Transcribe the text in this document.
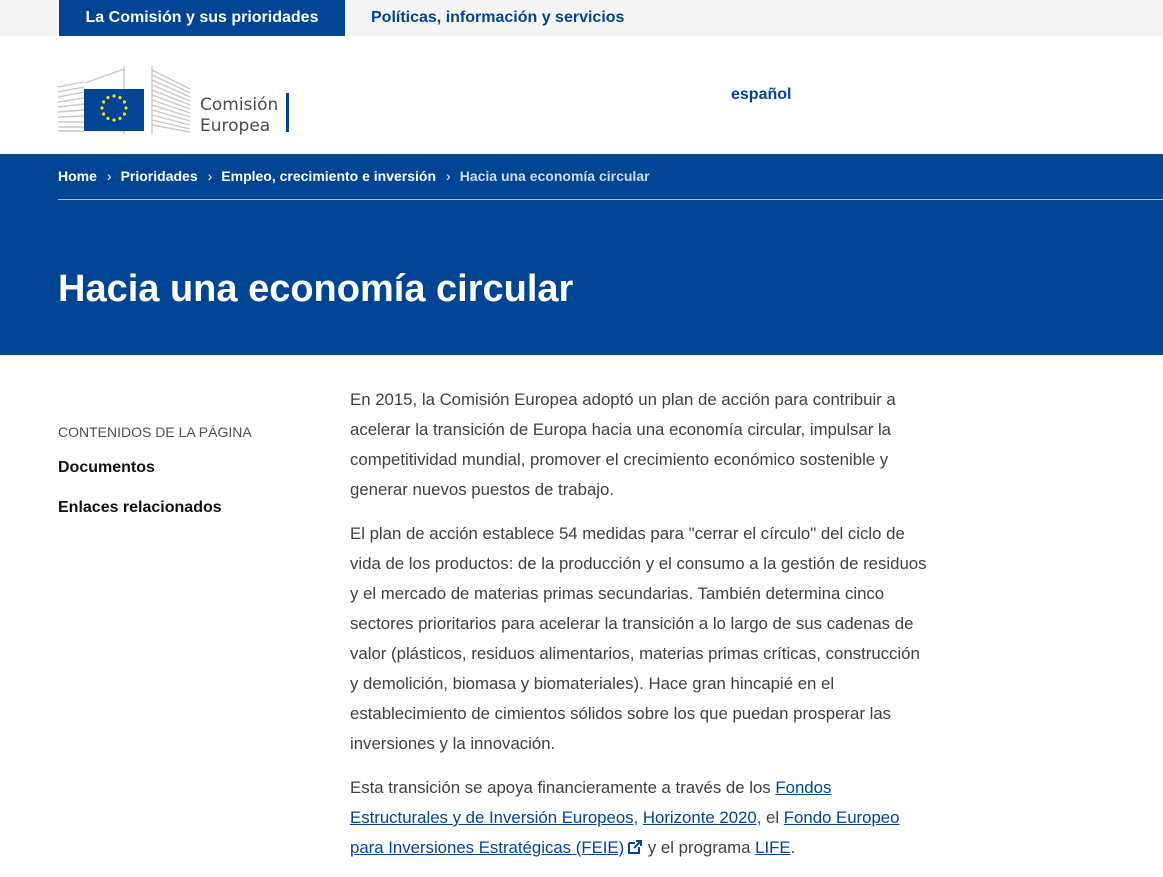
La Comisión y sus prioridades	Políticas, información y servicios
Comisión
Europea
español
Home › Prioridades › Empleo, crecimiento e inversión › Hacia una economía circular
Hacia una economía circular
CONTENIDOS DE LA PÁGINA
Documentos
Enlaces relacionados

En 2015, la Comisión Europea adoptó un plan de acción para contribuir a acelerar la transición de Europa hacia una economía circular, impulsar la competitividad mundial, promover el crecimiento económico sostenible y generar nuevos puestos de trabajo.

El plan de acción establece 54 medidas para "cerrar el círculo" del ciclo de vida de los productos: de la producción y el consumo a la gestión de residuos y el mercado de materias primas secundarias. También determina cinco sectores prioritarios para acelerar la transición a lo largo de sus cadenas de valor (plásticos, residuos alimentarios, materias primas críticas, construcción y demolición, biomasa y biomateriales). Hace gran hincapié en el establecimiento de cimientos sólidos sobre los que puedan prosperar las inversiones y la innovación.

Esta transición se apoya financieramente a través de los Fondos Estructurales y de Inversión Europeos, Horizonte 2020, el Fondo Europeo para Inversiones Estratégicas (FEIE) y el programa LIFE.
